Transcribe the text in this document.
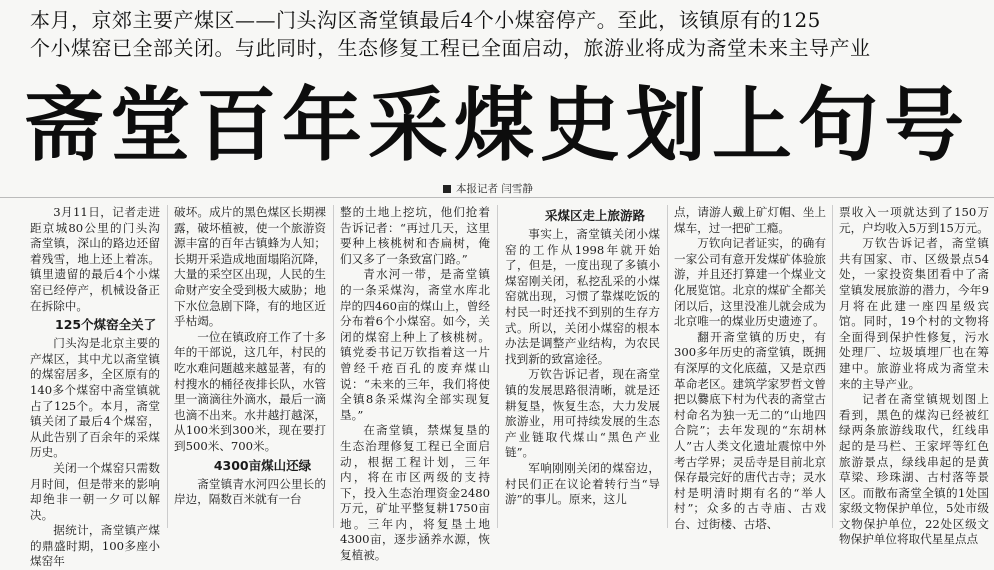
本月，京郊主要产煤区——门头沟区斋堂镇最后4个小煤窑停产。至此，该镇原有的125

个小煤窑已全部关闭。与此同时，生态修复工程已全面启动，旅游业将成为斋堂未来主导产业

斋堂百年采煤史划上句号
本报记者 闫雪静

3月11日，记者走进距京城80公里的门头沟斋堂镇，深山的路边还留着残雪，地上还上着冻。镇里遗留的最后4个小煤窑已经停产，机械设备正在拆除中。

125个煤窑全关了

门头沟是北京主要的产煤区，其中尤以斋堂镇的煤窑居多，全区原有的140多个煤窑中斋堂镇就占了125个。本月，斋堂镇关闭了最后4个煤窑，从此告别了百余年的采煤历史。

关闭一个煤窑只需数月时间，但是带来的影响却绝非一朝一夕可以解决。

据统计，斋堂镇产煤的鼎盛时期，100多座小煤窑年

破坏。成片的黑色煤区长期裸露，破坏植被，使一个旅游资源丰富的百年古镇蜂为人知；长期开采造成地面塌陷沉降，大量的采空区出现，人民的生命财产安全受到极大威胁；地下水位急剧下降，有的地区近乎枯竭。

一位在镇政府工作了十多年的干部说，这几年，村民的吃水难问题越来越显著，有的村搜水的桶径夜排长队，水管里一滴滴往外滴水，最后一滴也滴不出来。水井越打越深，从100米到300米，现在要打到500米、700米。

4300亩煤山还绿

斋堂镇青水河四公里长的岸边，隔数百米就有一台

整的土地上挖坑，他们抢着告诉记者：“再过几天，这里要种上核桃树和杏扁树，俺们又多了一条致富门路。”

青水河一带，是斋堂镇的一条采煤沟，斋堂水库北岸的四460亩的煤山上，曾经分布着6个小煤窑。如今，关闭的煤窑上种上了核桃树。镇党委书记万钦指着这一片曾经千疮百孔的废弃煤山说：“未来的三年，我们将使全镇8条采煤沟全部实现复垦。”

在斋堂镇，禁煤复垦的生态治理修复工程已全面启动，根据工程计划，三年内，将在市区两级的支持下，投入生态治理资金2480万元，矿址平整复耕1750亩地。三年内，将复垦土地4300亩，逐步涵养水源，恢复植被。

采煤区走上旅游路

事实上，斋堂镇关闭小煤窑的工作从1998年就开始了，但是，一度出现了多镇小煤窑刚关闭，私挖乱采的小煤窑就出现，习惯了靠煤吃饭的村民一时还找不到别的生存方式。所以，关闭小煤窑的根本办法是调整产业结构，为农民找到新的致富途径。

万钦告诉记者，现在斋堂镇的发展思路很清晰，就是还耕复垦，恢复生态，大力发展旅游业，用可持续发展的生态产业链取代煤山“黑色产业链”。

军响刚刚关闭的煤窑边，村民们正在议论着转行当“导游”的事儿。原来，这儿

点，请游人戴上矿灯帽、坐上煤车，过一把矿工瘾。

万钦向记者证实，的确有一家公司有意开发煤矿体验旅游，并且还打算建一个煤业文化展览馆。北京的煤矿全都关闭以后，这里没准儿就会成为北京唯一的煤业历史遗迹了。

翻开斋堂镇的历史，有300多年历史的斋堂镇，既拥有深厚的文化底蕴，又是京西革命老区。建筑学家罗哲文曾把以爨底下村为代表的斋堂古村命名为独一无二的“山地四合院”；去年发现的“东胡林人”古人类文化遗址震惊中外考古学界；灵岳寺是目前北京保存最完好的唐代古寺；灵水村是明清时期有名的“举人村”；众多的古寺庙、古戏台、过街楼、古塔、

票收入一项就达到了150万元，户均收入5万到15万元。

万钦告诉记者，斋堂镇共有国家、市、区级景点54处，一家投资集团看中了斋堂镇发展旅游的潜力，今年9月将在此建一座四星级宾馆。同时，19个村的文物将全面得到保护性修复，污水处理厂、垃圾填埋厂也在筹建中。旅游业将成为斋堂未来的主导产业。

记者在斋堂镇规划图上看到，黑色的煤沟已经被红绿两条旅游线取代，红线串起的是马栏、王家坪等红色旅游景点，绿线串起的是黄草梁、珍珠湖、古村落等景区。而散布斋堂全镇的1处国家级文物保护单位，5处市级文物保护单位，22处区级文物保护单位将取代星星点点
